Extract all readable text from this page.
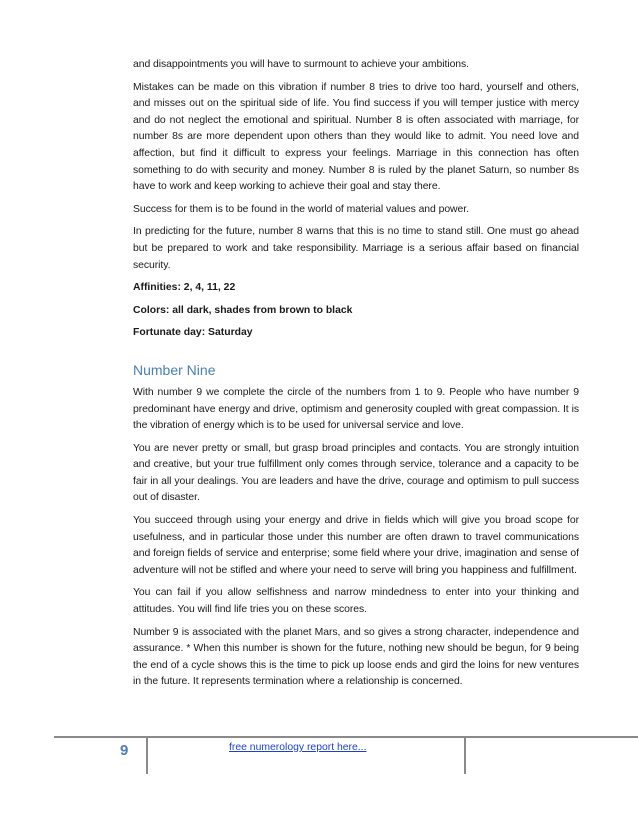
and disappointments you will have to surmount to achieve your ambitions.

Mistakes can be made on this vibration if number 8 tries to drive too hard, yourself and others, and misses out on the spiritual side of life. You find success if you will temper justice with mercy and do not neglect the emotional and spiritual. Number 8 is often associated with marriage, for number 8s are more dependent upon others than they would like to admit. You need love and affection, but find it difficult to express your feelings. Marriage in this connection has often something to do with security and money. Number 8 is ruled by the planet Saturn, so number 8s have to work and keep working to achieve their goal and stay there.

Success for them is to be found in the world of material values and power.

In predicting for the future, number 8 warns that this is no time to stand still. One must go ahead but be prepared to work and take responsibility. Marriage is a serious affair based on financial security.

Affinities: 2, 4, 11, 22
Colors: all dark, shades from brown to black
Fortunate day: Saturday
Number Nine

With number 9 we complete the circle of the numbers from 1 to 9. People who have number 9 predominant have energy and drive, optimism and generosity coupled with great compassion. It is the vibration of energy which is to be used for universal service and love.

You are never pretty or small, but grasp broad principles and contacts. You are strongly intuition and creative, but your true fulfillment only comes through service, tolerance and a capacity to be fair in all your dealings. You are leaders and have the drive, courage and optimism to pull success out of disaster.

You succeed through using your energy and drive in fields which will give you broad scope for usefulness, and in particular those under this number are often drawn to travel communications and foreign fields of service and enterprise; some field where your drive, imagination and sense of adventure will not be stifled and where your need to serve will bring you happiness and fulfillment.

You can fail if you allow selfishness and narrow mindedness to enter into your thinking and attitudes. You will find life tries you on these scores.

Number 9 is associated with the planet Mars, and so gives a strong character, independence and assurance. * When this number is shown for the future, nothing new should be begun, for 9 being the end of a cycle shows this is the time to pick up loose ends and gird the loins for new ventures in the future. It represents termination where a relationship is concerned.

9	free numerology report here...
